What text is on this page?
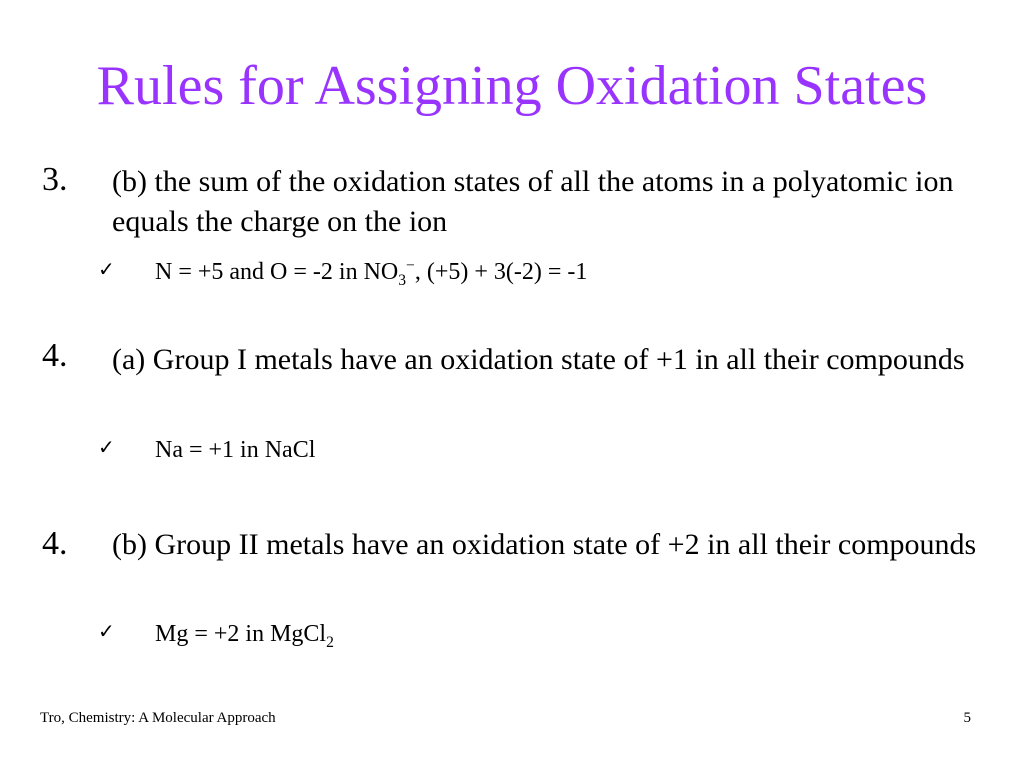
Rules for Assigning Oxidation States
3. (b) the sum of the oxidation states of all the atoms in a polyatomic ion equals the charge on the ion
✓ N = +5 and O = -2 in $NO_3^-$, (+5) + 3(-2) = -1
4. (a) Group I metals have an oxidation state of +1 in all their compounds
✓ Na = +1 in NaCl
4. (b) Group II metals have an oxidation state of +2 in all their compounds
✓ Mg = +2 in MgCl$_2$
Tro, Chemistry: A Molecular Approach	5
